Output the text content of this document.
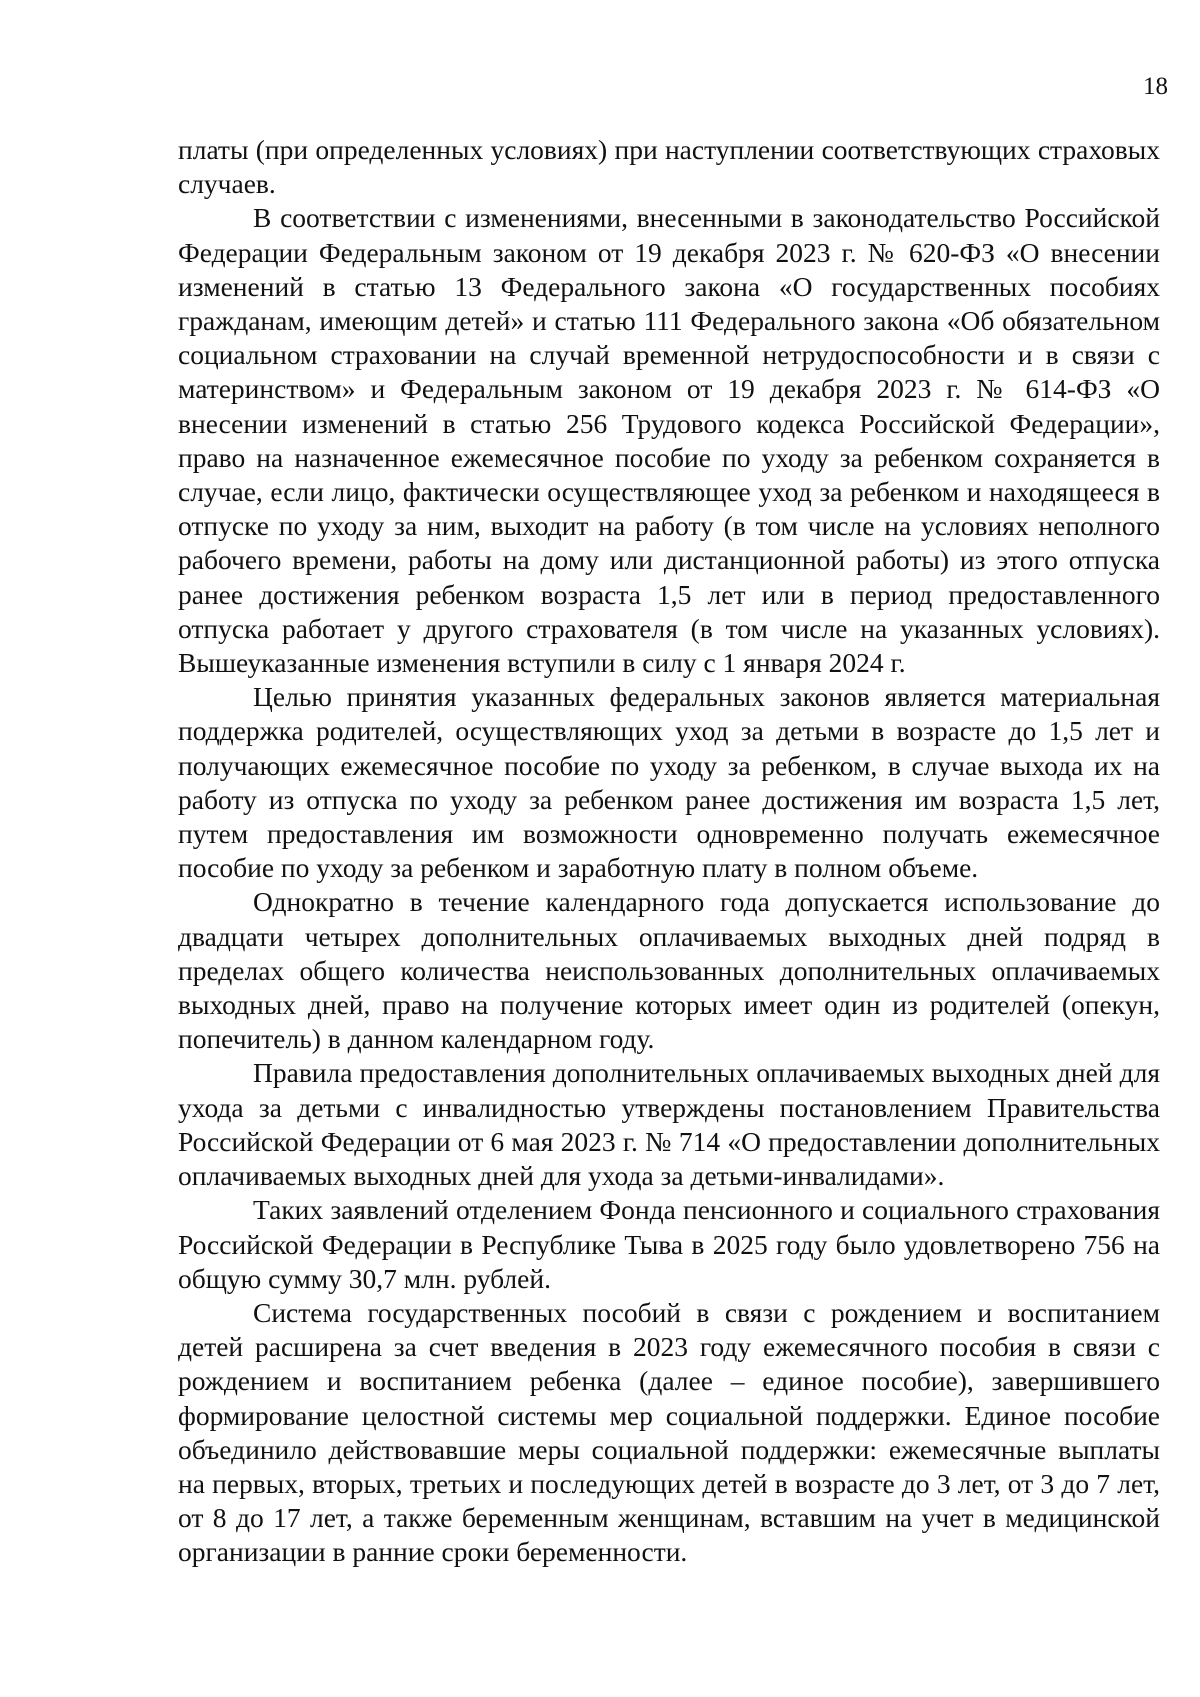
18

платы (при определенных условиях) при наступлении соответствующих страховых случаев.

В соответствии с изменениями, внесенными в законодательство Российской Федерации Федеральным законом от 19 декабря 2023 г. № 620-ФЗ «О внесении изменений в статью 13 Федерального закона «О государственных пособиях гражданам, имеющим детей» и статью 111 Федерального закона «Об обязательном социальном страховании на случай временной нетрудоспособности и в связи с материнством» и Федеральным законом от 19 декабря 2023 г. № 614-ФЗ «О внесении изменений в статью 256 Трудового кодекса Российской Федерации», право на назначенное ежемесячное пособие по уходу за ребенком сохраняется в случае, если лицо, фактически осуществляющее уход за ребенком и находящееся в отпуске по уходу за ним, выходит на работу (в том числе на условиях неполного рабочего времени, работы на дому или дистанционной работы) из этого отпуска ранее достижения ребенком возраста 1,5 лет или в период предоставленного отпуска работает у другого страхователя (в том числе на указанных условиях). Вышеуказанные изменения вступили в силу с 1 января 2024 г.

Целью принятия указанных федеральных законов является материальная поддержка родителей, осуществляющих уход за детьми в возрасте до 1,5 лет и получающих ежемесячное пособие по уходу за ребенком, в случае выхода их на работу из отпуска по уходу за ребенком ранее достижения им возраста 1,5 лет, путем предоставления им возможности одновременно получать ежемесячное пособие по уходу за ребенком и заработную плату в полном объеме.

Однократно в течение календарного года допускается использование до двадцати четырех дополнительных оплачиваемых выходных дней подряд в пределах общего количества неиспользованных дополнительных оплачиваемых выходных дней, право на получение которых имеет один из родителей (опекун, попечитель) в данном календарном году.

Правила предоставления дополнительных оплачиваемых выходных дней для ухода за детьми с инвалидностью утверждены постановлением Правительства Российской Федерации от 6 мая 2023 г. № 714 «О предоставлении дополнительных оплачиваемых выходных дней для ухода за детьми-инвалидами».

Таких заявлений отделением Фонда пенсионного и социального страхования Российской Федерации в Республике Тыва в 2025 году было удовлетворено 756 на общую сумму 30,7 млн. рублей.

Система государственных пособий в связи с рождением и воспитанием детей расширена за счет введения в 2023 году ежемесячного пособия в связи с рождением и воспитанием ребенка (далее – единое пособие), завершившего формирование целостной системы мер социальной поддержки. Единое пособие объединило действовавшие меры социальной поддержки: ежемесячные выплаты на первых, вторых, третьих и последующих детей в возрасте до 3 лет, от 3 до 7 лет, от 8 до 17 лет, а также беременным женщинам, вставшим на учет в медицинской организации в ранние сроки беременности.
